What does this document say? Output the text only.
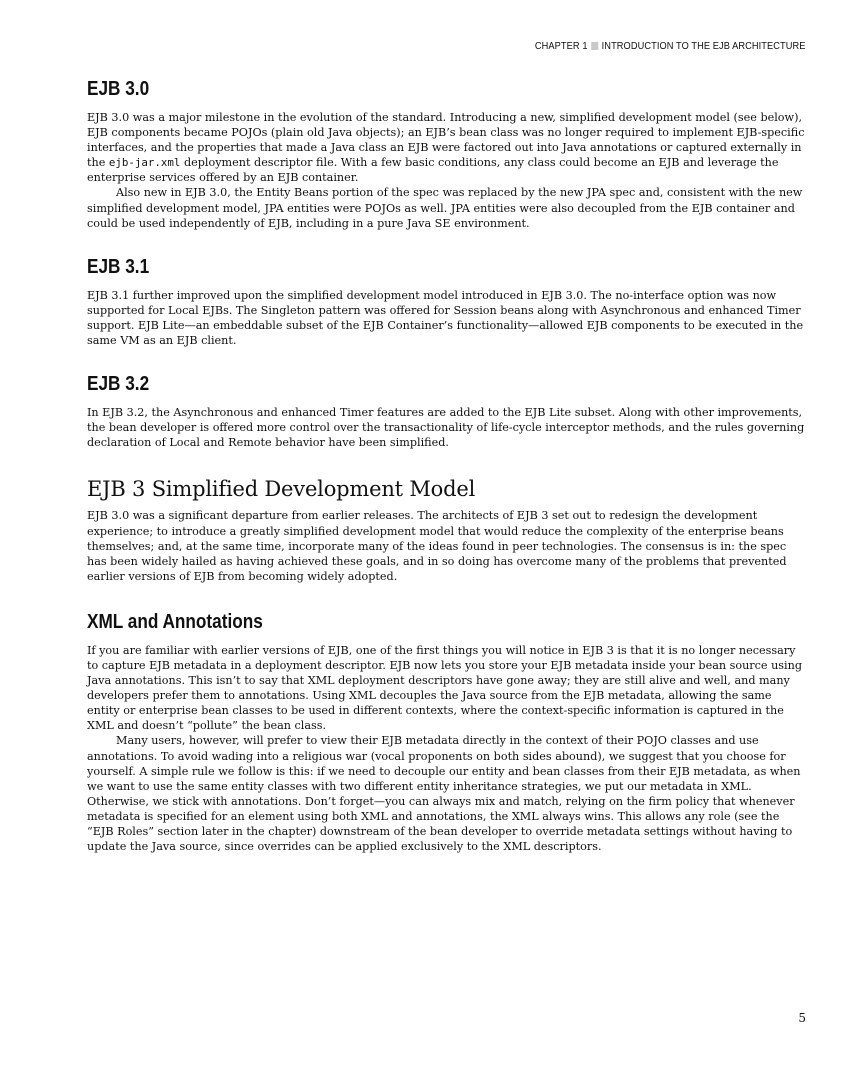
CHAPTER 1 INTRODUCTION TO THE EJB ARCHITECTURE
EJB 3.0

EJB 3.0 was a major milestone in the evolution of the standard. Introducing a new, simplified development model (see below), EJB components became POJOs (plain old Java objects); an EJB’s bean class was no longer required to implement EJB-specific interfaces, and the properties that made a Java class an EJB were factored out into Java annotations or captured externally in the ejb-jar.xml deployment descriptor file. With a few basic conditions, any class could become an EJB and leverage the enterprise services offered by an EJB container.

Also new in EJB 3.0, the Entity Beans portion of the spec was replaced by the new JPA spec and, consistent with the new simplified development model, JPA entities were POJOs as well. JPA entities were also decoupled from the EJB container and could be used independently of EJB, including in a pure Java SE environment.

EJB 3.1

EJB 3.1 further improved upon the simplified development model introduced in EJB 3.0. The no-interface option was now supported for Local EJBs. The Singleton pattern was offered for Session beans along with Asynchronous and enhanced Timer support. EJB Lite—an embeddable subset of the EJB Container’s functionality—allowed EJB components to be executed in the same VM as an EJB client.

EJB 3.2

In EJB 3.2, the Asynchronous and enhanced Timer features are added to the EJB Lite subset. Along with other improvements, the bean developer is offered more control over the transactionality of life-cycle interceptor methods, and the rules governing declaration of Local and Remote behavior have been simplified.

EJB 3 Simplified Development Model

EJB 3.0 was a significant departure from earlier releases. The architects of EJB 3 set out to redesign the development experience; to introduce a greatly simplified development model that would reduce the complexity of the enterprise beans themselves; and, at the same time, incorporate many of the ideas found in peer technologies. The consensus is in: the spec has been widely hailed as having achieved these goals, and in so doing has overcome many of the problems that prevented earlier versions of EJB from becoming widely adopted.

XML and Annotations

If you are familiar with earlier versions of EJB, one of the first things you will notice in EJB 3 is that it is no longer necessary to capture EJB metadata in a deployment descriptor. EJB now lets you store your EJB metadata inside your bean source using Java annotations. This isn’t to say that XML deployment descriptors have gone away; they are still alive and well, and many developers prefer them to annotations. Using XML decouples the Java source from the EJB metadata, allowing the same entity or enterprise bean classes to be used in different contexts, where the context-specific information is captured in the XML and doesn’t “pollute” the bean class.

Many users, however, will prefer to view their EJB metadata directly in the context of their POJO classes and use annotations. To avoid wading into a religious war (vocal proponents on both sides abound), we suggest that you choose for yourself. A simple rule we follow is this: if we need to decouple our entity and bean classes from their EJB metadata, as when we want to use the same entity classes with two different entity inheritance strategies, we put our metadata in XML. Otherwise, we stick with annotations. Don’t forget—you can always mix and match, relying on the firm policy that whenever metadata is specified for an element using both XML and annotations, the XML always wins. This allows any role (see the “EJB Roles” section later in the chapter) downstream of the bean developer to override metadata settings without having to update the Java source, since overrides can be applied exclusively to the XML descriptors.

5
